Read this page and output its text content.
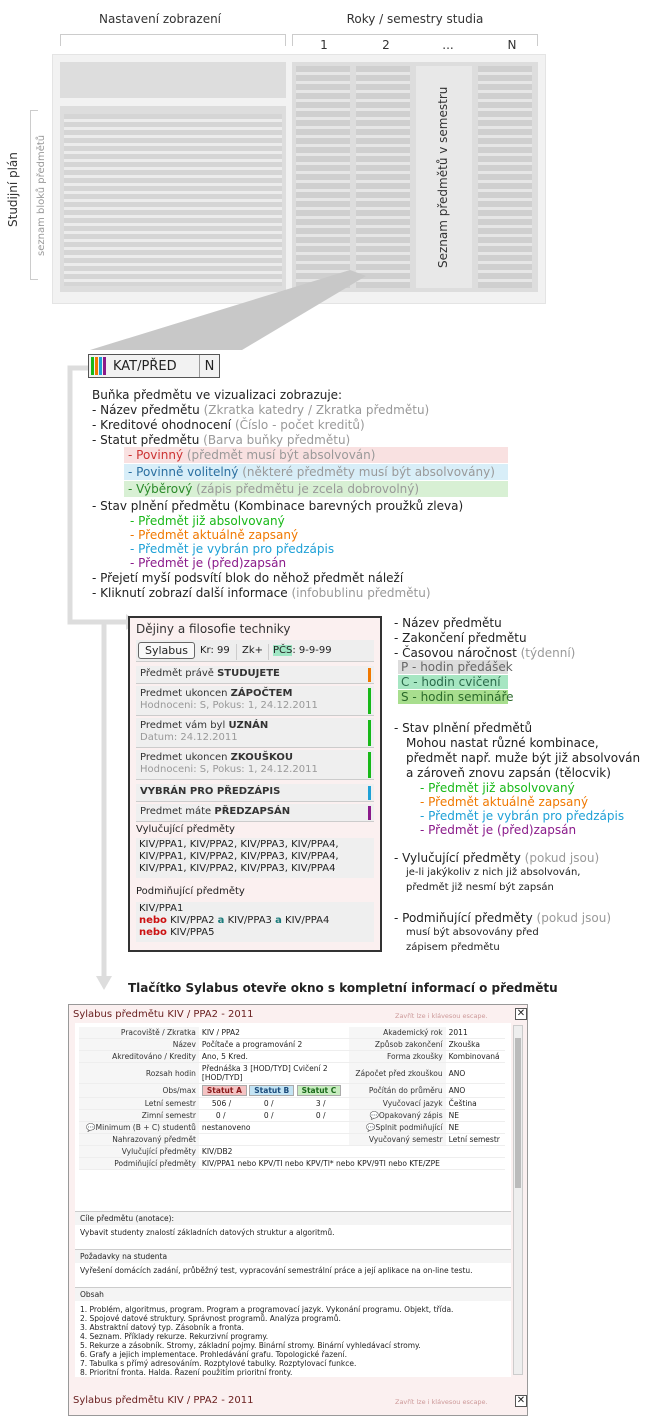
Nastavení zobrazení	Roky / semestry studia
1	2	...	N
Seznam předmětů v semestru
Studijní plán seznam bloků předmětů
KAT/PŘED	N
Buňka předmětu ve vizualizaci zobrazuje:
- Název předmětu (Zkratka katedry / Zkratka předmětu)
- Kreditové ohodnocení (Číslo - počet kreditů)
- Statut předmětu (Barva buňky předmětu)
- Povinný (předmět musí být absolvován)
- Povinně volitelný (některé předměty musí být absolvovány)
- Výběrový (zápis předmětu je zcela dobrovolný)
- Stav plnění předmětu (Kombinace barevných proužků zleva)
- Předmět již absolvovaný
- Předmět aktuálně zapsaný
- Předmět je vybrán pro předzápis
- Předmět je (před)zapsán
- Přejetí myší podsvítí blok do něhož předmět náleží
- Kliknutí zobrazí další informace (infobublinu předmětu)
Dějiny a filosofie techniky
Sylabus	Kr: 99 Zk+ PČS: 9-9-99
Předmět právě STUDUJETE
Predmet ukoncen ZÁPOČTEM
Hodnoceni: S, Pokus: 1, 24.12.2011
Predmet vám byl UZNÁN
Datum: 24.12.2011
Predmet ukoncen ZKOUŠKOU
Hodnoceni: S, Pokus: 1, 24.12.2011
VYBRÁN PRO PŘEDZÁPIS
Predmet máte PŘEDZAPSÁN
Vylučující předměty
KIV/PPA1, KIV/PPA2, KIV/PPA3, KIV/PPA4,
KIV/PPA1, KIV/PPA2, KIV/PPA3, KIV/PPA4,
KIV/PPA1, KIV/PPA2, KIV/PPA3, KIV/PPA4
Podmiňující předměty
KIV/PPA1
nebo KIV/PPA2 a KIV/PPA3 a KIV/PPA4
nebo KIV/PPA5
- Název předmětu
- Zakončení předmětu
- Časovou náročnost (týdenní)
P - hodin předášek
C - hodin cvičení
S - hodin semináře
- Stav plnění předmětů
Mohou nastat různé kombinace,
předmět např. muže být již absolvován
a zároveň znovu zapsán (tělocvik)
- Předmět již absolvovaný
- Předmět aktuálně zapsaný
- Předmět je vybrán pro předzápis
- Předmět je (před)zapsán
- Vylučující předměty (pokud jsou)
je-li jakýkoliv z nich již absolvován,
předmět již nesmí být zapsán
- Podmiňující předměty (pokud jsou)
musí být absovovány před
zápisem předmětu
Tlačítko Sylabus otevře okno s kompletní informací o předmětu
Sylabus předmětu KIV / PPA2 - 2011	Zavřít lze i klávesou escape.	✕
Pracoviště / Zkratka	KIV / PPA2	Akademický rok	2011
Název	Počítače a programování 2	Způsob zakončení	Zkouška
Akreditováno / Kredity	Ano, 5 Kred.	Forma zkoušky	Kombinovaná
Rozsah hodin	Přednáška 3 [HOD/TYD] Cvičení 2 [HOD/TYD]	Zápočet před zkouškou	ANO
Obs/max	Statut A Statut B Statut C	Počítán do průměru	ANO
Letní semestr	506 / 0 / 3 /	Vyučovací jazyk	Čeština
Zimní semestr	0 / 0 / 0 /	💬Opakovaný zápis	NE
💬Minimum (B + C) studentů	nestanoveno	💬Splnit podmiňující	NE
Nahrazovaný předmět		Vyučovaný semestr	Letní semestr
Vylučující předměty	KIV/DB2		
Podmiňující předměty	KIV/PPA1 nebo KPV/TI nebo KPV/TI* nebo KPV/9TI nebo KTE/ZPE		
Cíle předmětu (anotace):
Vybavit studenty znalostí základních datových struktur a algoritmů.
Požadavky na studenta
Vyřešení domácích zadání, průběžný test, vypracování semestrální práce a její aplikace na on-line testu.
Obsah
1. Problém, algoritmus, program. Program a programovací jazyk. Vykonání programu. Objekt, třída.
2. Spojové datové struktury. Správnost programů. Analýza programů.
3. Abstraktní datový typ. Zásobník a fronta.
4. Seznam. Příklady rekurze. Rekurzivní programy.
5. Rekurze a zásobník. Stromy, základní pojmy. Binární stromy. Binární vyhledávací stromy.
6. Grafy a jejich implementace. Prohledávání grafu. Topologické řazení.
7. Tabulka s přímý adresováním. Rozptylové tabulky. Rozptylovací funkce.
8. Prioritní fronta. Halda. Řazení použitím prioritní fronty.
Sylabus předmětu KIV / PPA2 - 2011	Zavřít lze i klávesou escape.	✕
